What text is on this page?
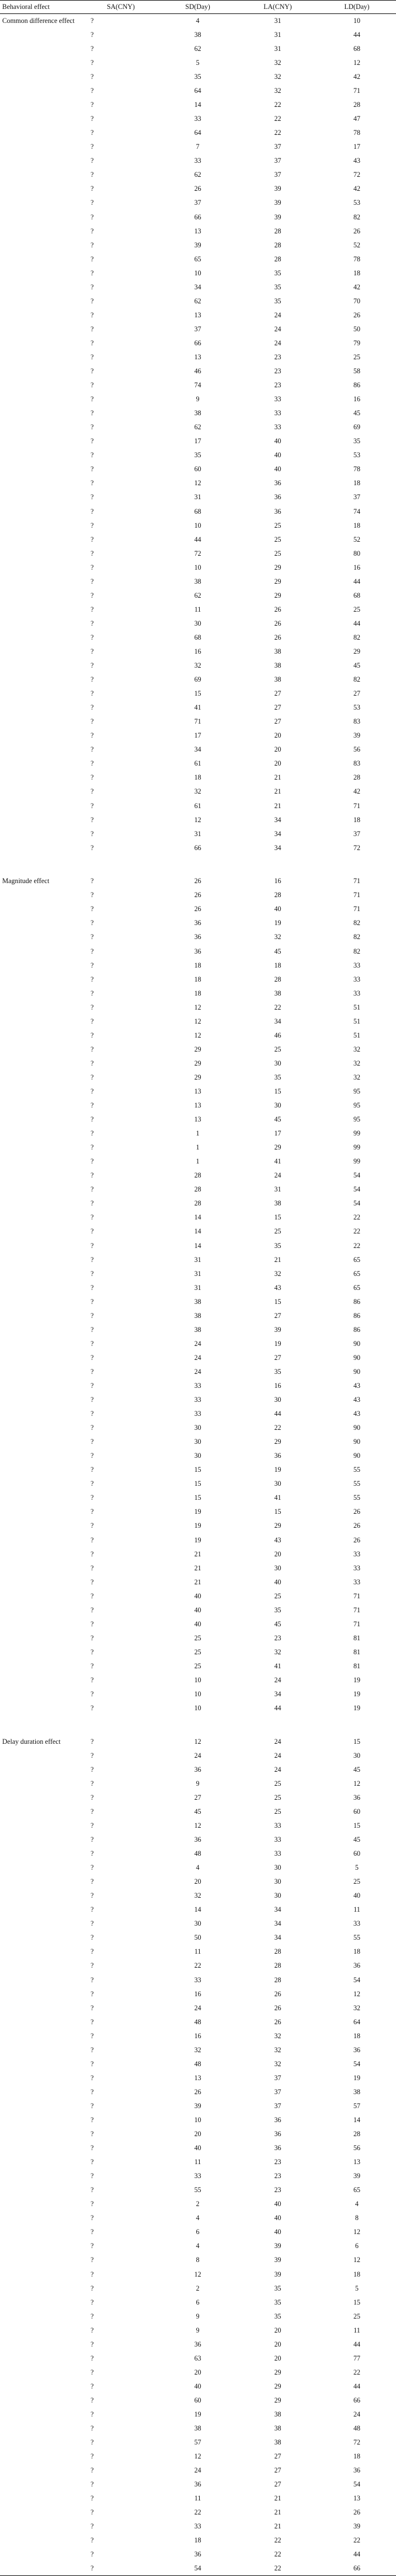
Behavioral effect	SA(CNY)	SD(Day)	LA(CNY)	LD(Day)
Common difference effect	?	4	31	10
	?	38	31	44
	?	62	31	68
	?	5	32	12
	?	35	32	42
	?	64	32	71
	?	14	22	28
	?	33	22	47
	?	64	22	78
	?	7	37	17
	?	33	37	43
	?	62	37	72
	?	26	39	42
	?	37	39	53
	?	66	39	82
	?	13	28	26
	?	39	28	52
	?	65	28	78
	?	10	35	18
	?	34	35	42
	?	62	35	70
	?	13	24	26
	?	37	24	50
	?	66	24	79
	?	13	23	25
	?	46	23	58
	?	74	23	86
	?	9	33	16
	?	38	33	45
	?	62	33	69
	?	17	40	35
	?	35	40	53
	?	60	40	78
	?	12	36	18
	?	31	36	37
	?	68	36	74
	?	10	25	18
	?	44	25	52
	?	72	25	80
	?	10	29	16
	?	38	29	44
	?	62	29	68
	?	11	26	25
	?	30	26	44
	?	68	26	82
	?	16	38	29
	?	32	38	45
	?	69	38	82
	?	15	27	27
	?	41	27	53
	?	71	27	83
	?	17	20	39
	?	34	20	56
	?	61	20	83
	?	18	21	28
	?	32	21	42
	?	61	21	71
	?	12	34	18
	?	31	34	37
	?	66	34	72

Magnitude effect	?	26	16	71
	?	26	28	71
	?	26	40	71
	?	36	19	82
	?	36	32	82
	?	36	45	82
	?	18	18	33
	?	18	28	33
	?	18	38	33
	?	12	22	51
	?	12	34	51
	?	12	46	51
	?	29	25	32
	?	29	30	32
	?	29	35	32
	?	13	15	95
	?	13	30	95
	?	13	45	95
	?	1	17	99
	?	1	29	99
	?	1	41	99
	?	28	24	54
	?	28	31	54
	?	28	38	54
	?	14	15	22
	?	14	25	22
	?	14	35	22
	?	31	21	65
	?	31	32	65
	?	31	43	65
	?	38	15	86
	?	38	27	86
	?	38	39	86
	?	24	19	90
	?	24	27	90
	?	24	35	90
	?	33	16	43
	?	33	30	43
	?	33	44	43
	?	30	22	90
	?	30	29	90
	?	30	36	90
	?	15	19	55
	?	15	30	55
	?	15	41	55
	?	19	15	26
	?	19	29	26
	?	19	43	26
	?	21	20	33
	?	21	30	33
	?	21	40	33
	?	40	25	71
	?	40	35	71
	?	40	45	71
	?	25	23	81
	?	25	32	81
	?	25	41	81
	?	10	24	19
	?	10	34	19
	?	10	44	19

Delay duration effect	?	12	24	15
	?	24	24	30
	?	36	24	45
	?	9	25	12
	?	27	25	36
	?	45	25	60
	?	12	33	15
	?	36	33	45
	?	48	33	60
	?	4	30	5
	?	20	30	25
	?	32	30	40
	?	14	34	11
	?	30	34	33
	?	50	34	55
	?	11	28	18
	?	22	28	36
	?	33	28	54
	?	16	26	12
	?	24	26	32
	?	48	26	64
	?	16	32	18
	?	32	32	36
	?	48	32	54
	?	13	37	19
	?	26	37	38
	?	39	37	57
	?	10	36	14
	?	20	36	28
	?	40	36	56
	?	11	23	13
	?	33	23	39
	?	55	23	65
	?	2	40	4
	?	4	40	8
	?	6	40	12
	?	4	39	6
	?	8	39	12
	?	12	39	18
	?	2	35	5
	?	6	35	15
	?	9	35	25
	?	9	20	11
	?	36	20	44
	?	63	20	77
	?	20	29	22
	?	40	29	44
	?	60	29	66
	?	19	38	24
	?	38	38	48
	?	57	38	72
	?	12	27	18
	?	24	27	36
	?	36	27	54
	?	11	21	13
	?	22	21	26
	?	33	21	39
	?	18	22	22
	?	36	22	44
	?	54	22	66
